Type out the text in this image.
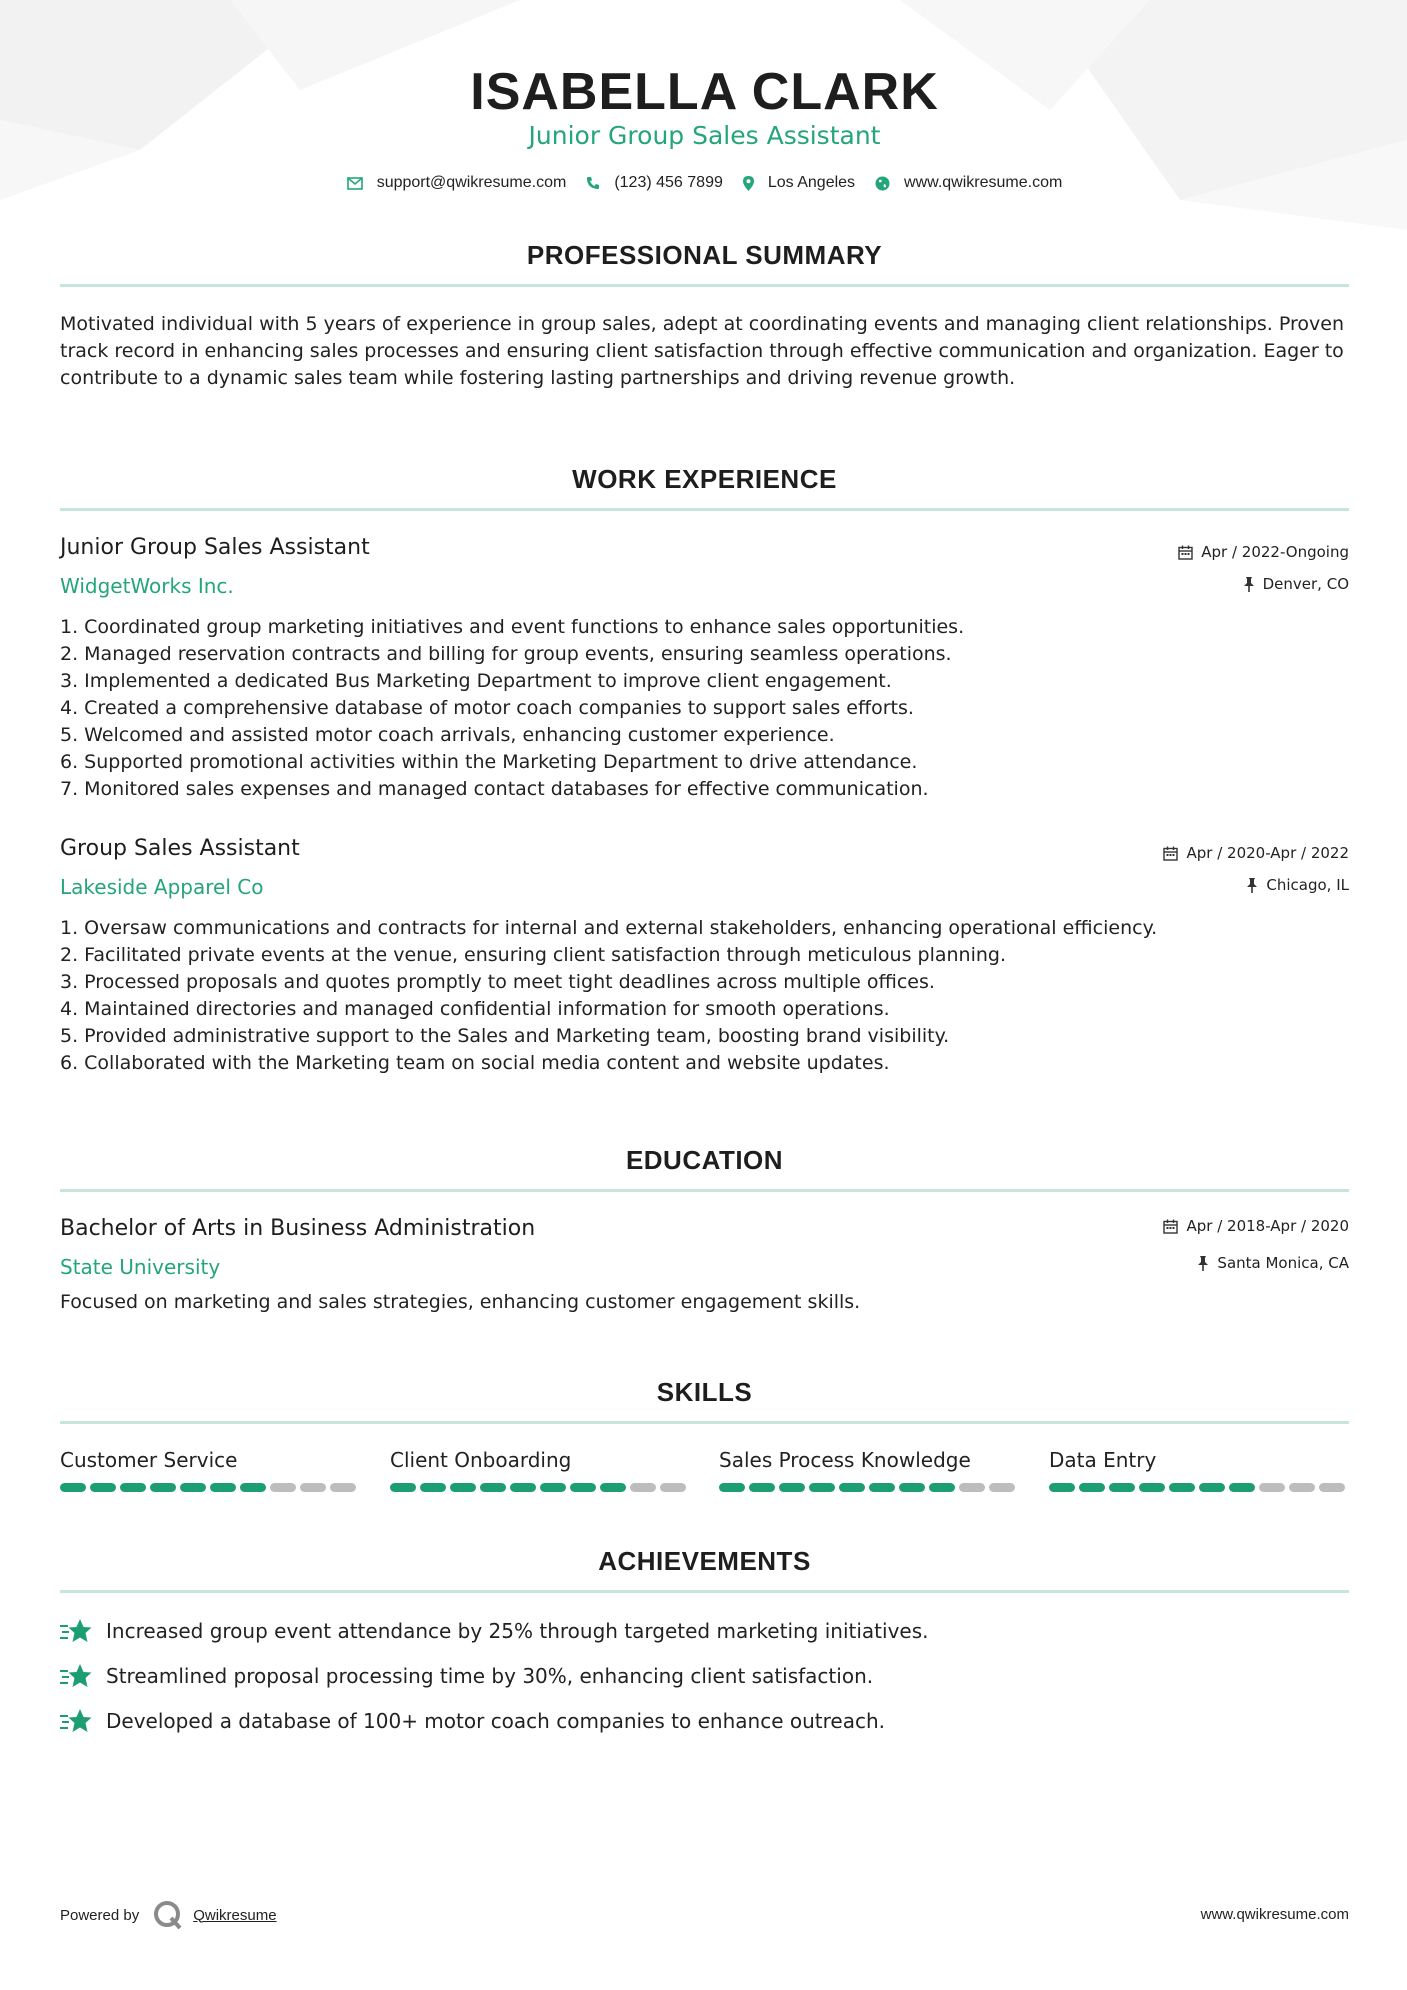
ISABELLA CLARK
Junior Group Sales Assistant
support@qwikresume.com	(123) 456 7899	Los Angeles	www.qwikresume.com
PROFESSIONAL SUMMARY
Motivated individual with 5 years of experience in group sales, adept at coordinating events and managing client relationships. Proven track record in enhancing sales processes and ensuring client satisfaction through effective communication and organization. Eager to contribute to a dynamic sales team while fostering lasting partnerships and driving revenue growth.
WORK EXPERIENCE
Junior Group Sales Assistant
WidgetWorks Inc.
Apr / 2022-Ongoing
Denver, CO
1. Coordinated group marketing initiatives and event functions to enhance sales opportunities.
2. Managed reservation contracts and billing for group events, ensuring seamless operations.
3. Implemented a dedicated Bus Marketing Department to improve client engagement.
4. Created a comprehensive database of motor coach companies to support sales efforts.
5. Welcomed and assisted motor coach arrivals, enhancing customer experience.
6. Supported promotional activities within the Marketing Department to drive attendance.
7. Monitored sales expenses and managed contact databases for effective communication.
Group Sales Assistant
Lakeside Apparel Co
Apr / 2020-Apr / 2022
Chicago, IL
1. Oversaw communications and contracts for internal and external stakeholders, enhancing operational efficiency.
2. Facilitated private events at the venue, ensuring client satisfaction through meticulous planning.
3. Processed proposals and quotes promptly to meet tight deadlines across multiple offices.
4. Maintained directories and managed confidential information for smooth operations.
5. Provided administrative support to the Sales and Marketing team, boosting brand visibility.
6. Collaborated with the Marketing team on social media content and website updates.
EDUCATION
Bachelor of Arts in Business Administration
State University
Apr / 2018-Apr / 2020
Santa Monica, CA
Focused on marketing and sales strategies, enhancing customer engagement skills.
SKILLS
Customer Service	Client Onboarding	Sales Process Knowledge	Data Entry
ACHIEVEMENTS
Increased group event attendance by 25% through targeted marketing initiatives.
Streamlined proposal processing time by 30%, enhancing client satisfaction.
Developed a database of 100+ motor coach companies to enhance outreach.
Powered by	Qwikresume	www.qwikresume.com
